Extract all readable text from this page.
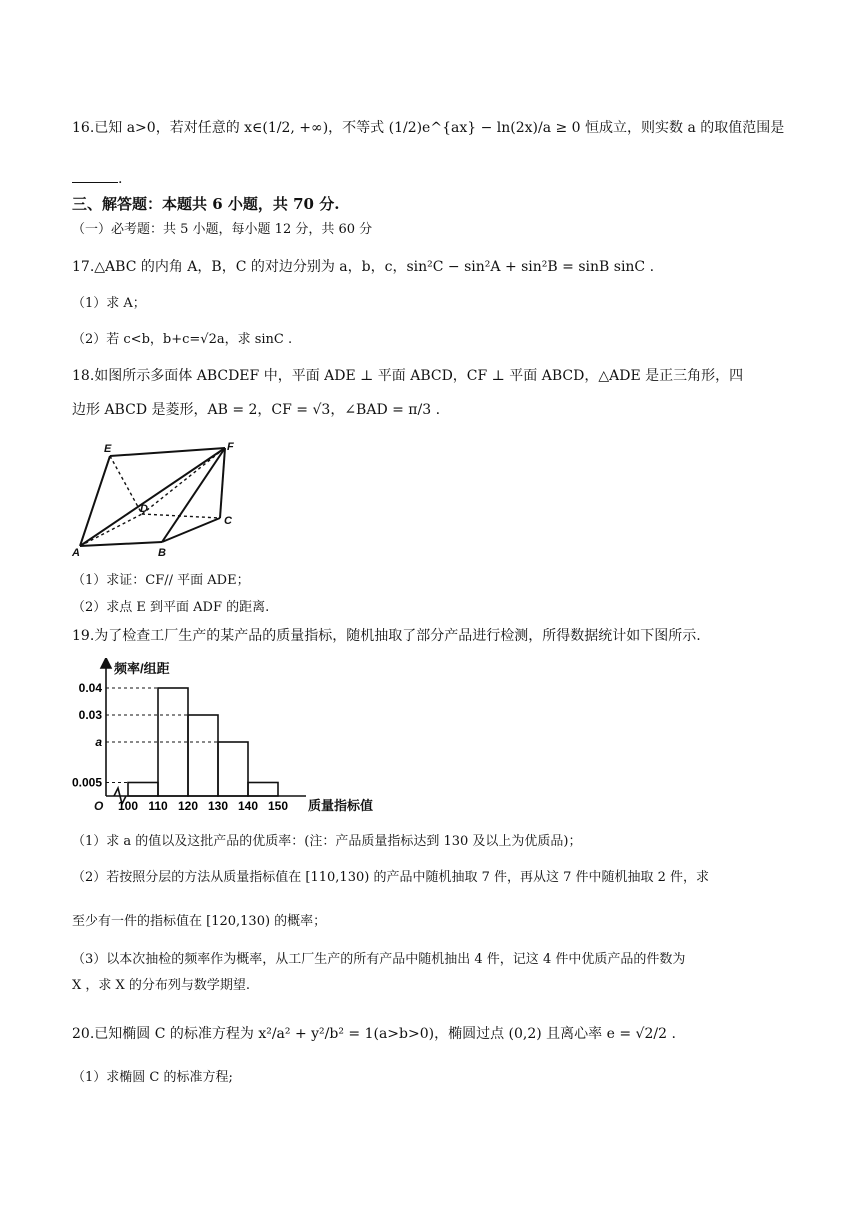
16.已知 a>0，若对任意的 x∈(1/2, +∞)，不等式 (1/2)e^{ax} − ln(2x)/a ≥ 0 恒成立，则实数 a 的取值范围是
.
三、解答题：本题共 6 小题，共 70 分.
（一）必考题：共 5 小题，每小题 12 分，共 60 分
17.△ABC 的内角 A，B，C 的对边分别为 a，b，c，sin²C − sin²A + sin²B = sinB sinC .
（1）求 A；
（2）若 c<b，b+c=√2a，求 sinC .
18.如图所示多面体 ABCDEF 中，平面 ADE ⊥ 平面 ABCD，CF ⊥ 平面 ABCD，△ADE 是正三角形，四
边形 ABCD 是菱形，AB = 2，CF = √3，∠BAD = π/3 .
E	F
D
C
A	B
（1）求证：CF// 平面 ADE；
（2）求点 E 到平面 ADF 的距离.
19.为了检查工厂生产的某产品的质量指标，随机抽取了部分产品进行检测，所得数据统计如下图所示.
频率/组距
质量指标值
O
0.04
0.03
a
0.005
100 110 120 130 140 150
（1）求 a 的值以及这批产品的优质率：(注：产品质量指标达到 130 及以上为优质品)；
（2）若按照分层的方法从质量指标值在 [110,130) 的产品中随机抽取 7 件，再从这 7 件中随机抽取 2 件，求
至少有一件的指标值在 [120,130) 的概率；
（3）以本次抽检的频率作为概率，从工厂生产的所有产品中随机抽出 4 件，记这 4 件中优质产品的件数为
X ，求 X 的分布列与数学期望.
20.已知椭圆 C 的标准方程为 x²/a² + y²/b² = 1(a>b>0)，椭圆过点 (0,2) 且离心率 e = √2/2 .
（1）求椭圆 C 的标准方程;
